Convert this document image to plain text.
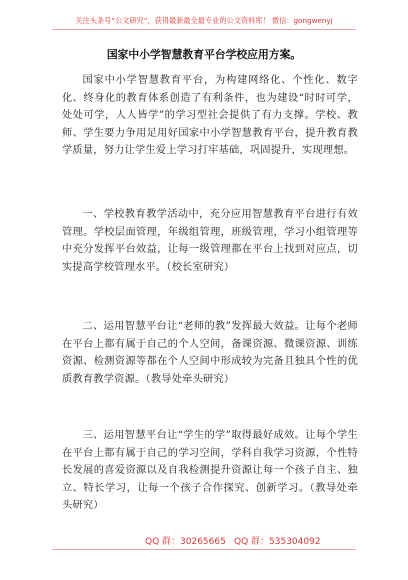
关注头条号“公文研究”，获得最新最全最专业的公文资料库！ 微信：gongwenyj
国家中小学智慧教育平台学校应用方案。

国家中小学智慧教育平台，为构建网络化、个性化、数字化、终身化的教育体系创造了有利条件，也为建设“时时可学，处处可学，人人皆学”的学习型社会提供了有力支撑。学校、教师、学生要力争用足用好国家中小学智慧教育平台，提升教育教学质量，努力让学生爱上学习打牢基础，巩固提升，实现理想。

一、学校教育教学活动中，充分应用智慧教育平台进行有效管理。学校层面管理，年级组管理，班级管理，学习小组管理等中充分发挥平台效益，让每一级管理都在平台上找到对应点，切实提高学校管理水平。（校长室研究）

二、运用智慧平台让“老师的教”发挥最大效益。让每个老师在平台上都有属于自己的个人空间，备课资源、微课资源、训练资源、检测资源等都在个人空间中形成较为完备且独具个性的优质教育教学资源。（教导处牵头研究）

三、运用智慧平台让“学生的学”取得最好成效。让每个学生在平台上都有属于自己的学习空间，学科自我学习资源，个性特长发展的喜爱资源以及自我检测提升资源让每一个孩子自主、独立、特长学习，让每一个孩子合作探究、创新学习。（教导处牵头研究）

QQ 群：30265665 QQ 群：535304092
